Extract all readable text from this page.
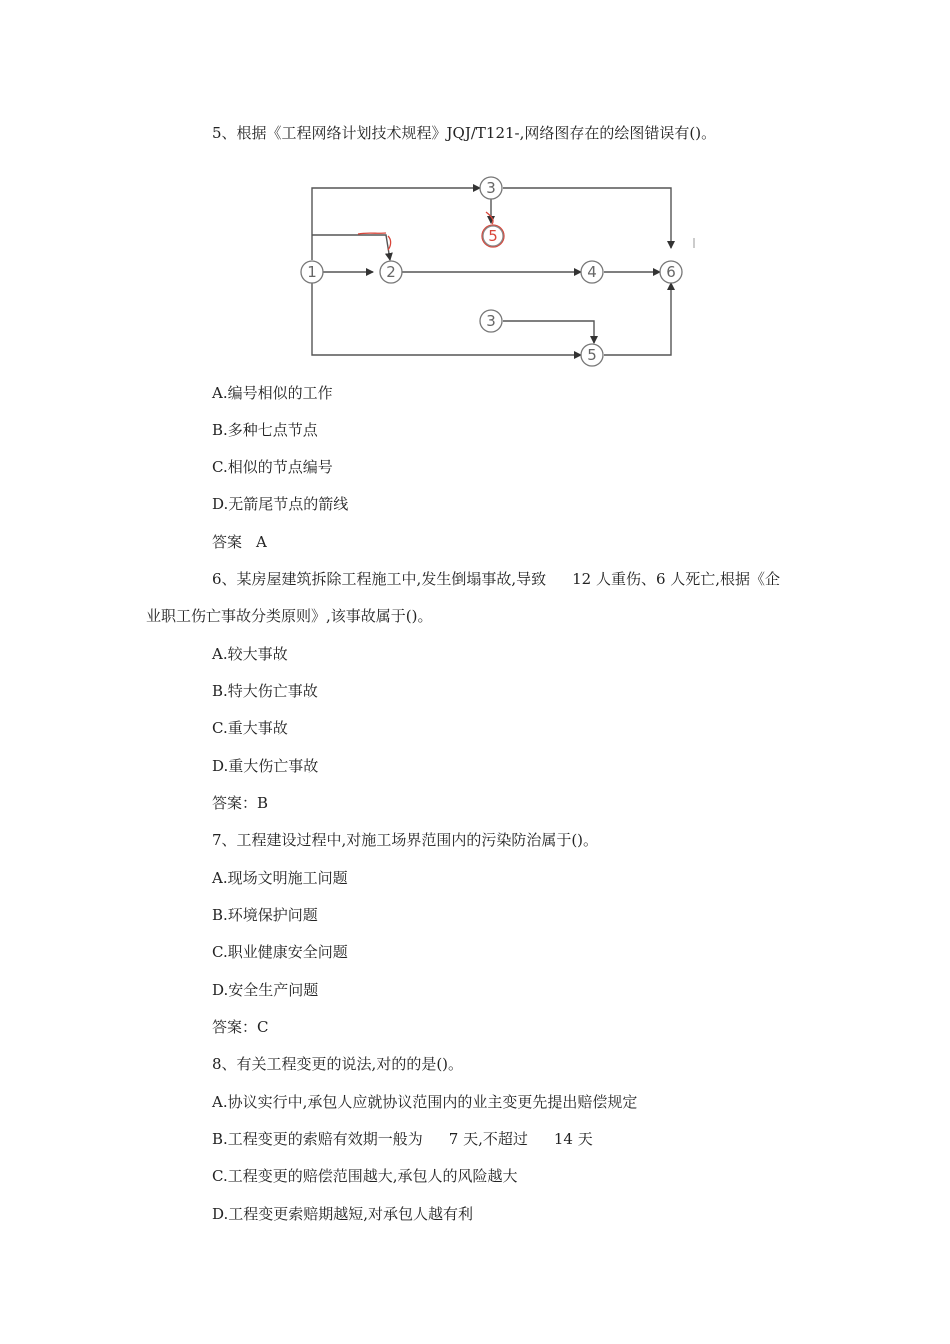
5、根据《工程网络计划技术规程》JQJ/T121-,网络图存在的绘图错误有()。
1	2
3
5
4	6
3
5
A.编号相似的工作
B.多种七点节点
C.相似的节点编号
D.无箭尾节点的箭线
答案 A
6、某房屋建筑拆除工程施工中,发生倒塌事故,导致 12 人重伤、6 人死亡,根据《企
业职工伤亡事故分类原则》,该事故属于()。
A.较大事故
B.特大伤亡事故
C.重大事故
D.重大伤亡事故
答案：B
7、工程建设过程中,对施工场界范围内的污染防治属于()。
A.现场文明施工问题
B.环境保护问题
C.职业健康安全问题
D.安全生产问题
答案：C
8、有关工程变更的说法,对的的是()。
A.协议实行中,承包人应就协议范围内的业主变更先提出赔偿规定
B.工程变更的索赔有效期一般为 7 天,不超过 14 天
C.工程变更的赔偿范围越大,承包人的风险越大
D.工程变更索赔期越短,对承包人越有利
